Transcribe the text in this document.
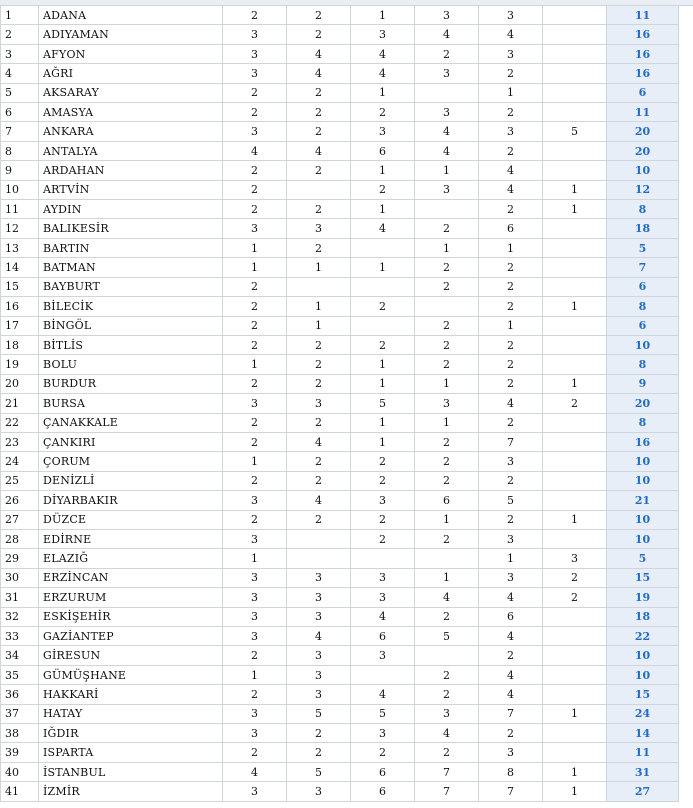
1	ADANA	2	2	1	3	3		11
2	ADIYAMAN	3	2	3	4	4		16
3	AFYON	3	4	4	2	3		16
4	AĞRI	3	4	4	3	2		16
5	AKSARAY	2	2	1		1		6
6	AMASYA	2	2	2	3	2		11
7	ANKARA	3	2	3	4	3	5	20
8	ANTALYA	4	4	6	4	2		20
9	ARDAHAN	2	2	1	1	4		10
10	ARTVİN	2		2	3	4	1	12
11	AYDIN	2	2	1		2	1	8
12	BALIKESİR	3	3	4	2	6		18
13	BARTIN	1	2		1	1		5
14	BATMAN	1	1	1	2	2		7
15	BAYBURT	2			2	2		6
16	BİLECİK	2	1	2		2	1	8
17	BİNGÖL	2	1		2	1		6
18	BİTLİS	2	2	2	2	2		10
19	BOLU	1	2	1	2	2		8
20	BURDUR	2	2	1	1	2	1	9
21	BURSA	3	3	5	3	4	2	20
22	ÇANAKKALE	2	2	1	1	2		8
23	ÇANKIRI	2	4	1	2	7		16
24	ÇORUM	1	2	2	2	3		10
25	DENİZLİ	2	2	2	2	2		10
26	DİYARBAKIR	3	4	3	6	5		21
27	DÜZCE	2	2	2	1	2	1	10
28	EDİRNE	3		2	2	3		10
29	ELAZIĞ	1				1	3	5
30	ERZİNCAN	3	3	3	1	3	2	15
31	ERZURUM	3	3	3	4	4	2	19
32	ESKİŞEHİR	3	3	4	2	6		18
33	GAZİANTEP	3	4	6	5	4		22
34	GİRESUN	2	3	3		2		10
35	GÜMÜŞHANE	1	3		2	4		10
36	HAKKARİ	2	3	4	2	4		15
37	HATAY	3	5	5	3	7	1	24
38	IĞDIR	3	2	3	4	2		14
39	ISPARTA	2	2	2	2	3		11
40	İSTANBUL	4	5	6	7	8	1	31
41	İZMİR	3	3	6	7	7	1	27
